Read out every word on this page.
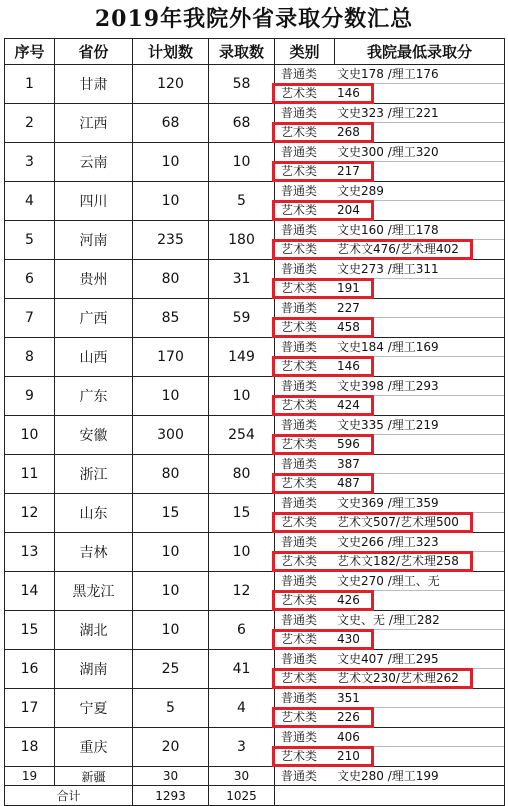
2019年我院外省录取分数汇总
序号	省份	计划数	录取数	类别	我院最低录取分
1	甘肃	120	58	普通类 文史178 /理工176
艺术类 146	

2	江西	68	68	普通类 文史323 /理工221
艺术类 268	

3	云南	10	10	普通类 文史300 /理工320
艺术类 217	

4	四川	10	5	普通类 文史289
艺术类 204	

5	河南	235	180	普通类 文史160 /理工178
艺术类 艺术文476/艺术理402	

6	贵州	80	31	普通类 文史273 /理工311
艺术类 191	

7	广西	85	59	普通类 227
艺术类 458	

8	山西	170	149	普通类 文史184 /理工169
艺术类 146	

9	广东	10	10	普通类 文史398 /理工293
艺术类 424	

10	安徽	300	254	普通类 文史335 /理工219
艺术类 596	

11	浙江	80	80	普通类 387
艺术类 487	

12	山东	15	15	普通类 文史369 /理工359
艺术类 艺术文507/艺术理500	

13	吉林	10	10	普通类 文史266 /理工323
艺术类 艺术文182/艺术理258	

14	黑龙江	10	12	普通类 文史270 /理工、无
艺术类 426	

15	湖北	10	6	普通类 文史、无 /理工282
艺术类 430	

16	湖南	25	41	普通类 文史407 /理工295
艺术类 艺术文230/艺术理262	

17	宁夏	5	4	普通类 351
艺术类 226	

18	重庆	20	3	普通类 406
艺术类 210	

19	新疆	30	30	普通类 文史280 /理工199	

合计		1293	1025		
